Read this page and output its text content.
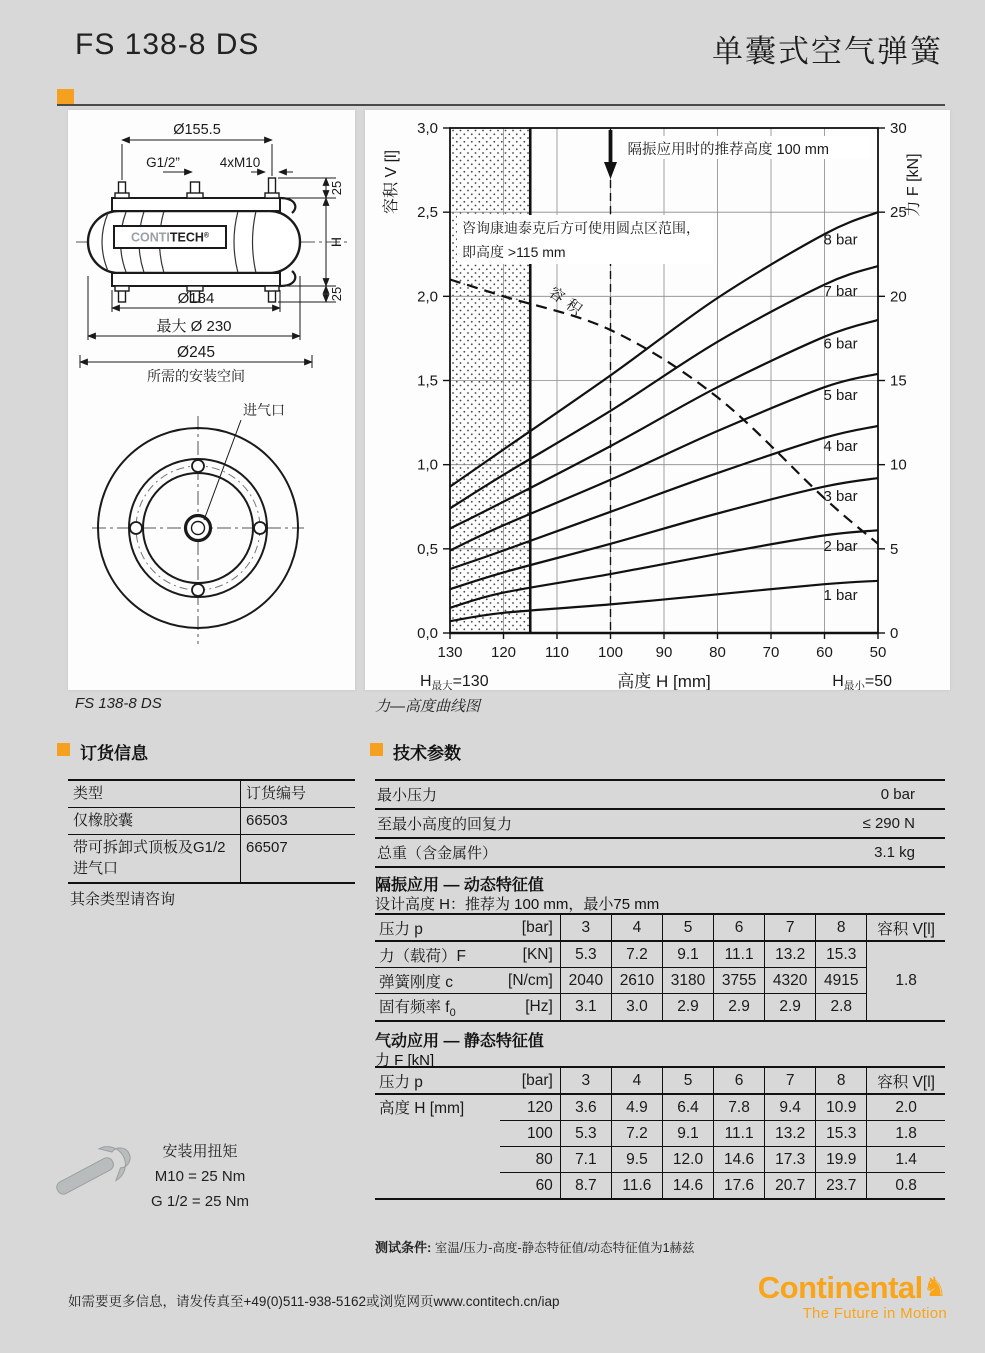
FS 138-8 DS	单囊式空气弹簧
CONTITECH®
Ø155.5
G1/2”	4xM10
25
H
25
Ø184
最大 Ø 230
Ø245
所需的安装空间
进气口
8 bar
7 bar
6 bar
5 bar
4 bar
3 bar
2 bar
1 bar
容积
隔振应用时的推荐高度 100 mm
咨询康迪泰克后方可使用圆点区范围，
即高度 >115 mm
130 120 110 100 90 80 70 60 50
3,0
2,5
2,0
1,5
1,0
0,5
0,0
30
25
20
15
10
5
0
容积 V [l]	力 F [kN]
高度 H [mm]
H最大=130	H最小=50
FS 138-8 DS	力—高度曲线图
订货信息
类型	订货编号
仅橡胶囊	66503
带可拆卸式顶板及G1/2进气口	66507
其余类型请咨询
技术参数
最小压力	0 bar
至最小高度的回复力	≤ 290 N
总重（含金属件）	3.1 kg
隔振应用 — 动态特征值
设计高度 H：推荐为 100 mm，最小75 mm
压力 p	[bar]	3	4	5	6	7	8	容积 V[l]
力（载荷）F	[KN]	5.3	7.2	9.1	11.1	13.2	15.3	1.8
弹簧刚度 c	[N/cm]	2040	2610	3180	3755	4320	4915	
固有频率 $f_0$	[Hz]	3.1	3.0	2.9	2.9	2.9	2.8	
气动应用 — 静态特征值
力 F [kN]
压力 p	[bar]	3	4	5	6	7	8	容积 V[l]
高度 H [mm]	120	3.6	4.9	6.4	7.8	9.4	10.9	2.0
	100	5.3	7.2	9.1	11.1	13.2	15.3	1.8
	80	7.1	9.5	12.0	14.6	17.3	19.9	1.4
	60	8.7	11.6	14.6	17.6	20.7	23.7	0.8
安装用扭矩
M10 = 25 Nm
G 1/2 = 25 Nm
测试条件: 室温/压力-高度-静态特征值/动态特征值为1赫兹
如需要更多信息，请发传真至+49(0)511-938-5162或浏览网页www.contitech.cn/iap	Continental♞
The Future in Motion
